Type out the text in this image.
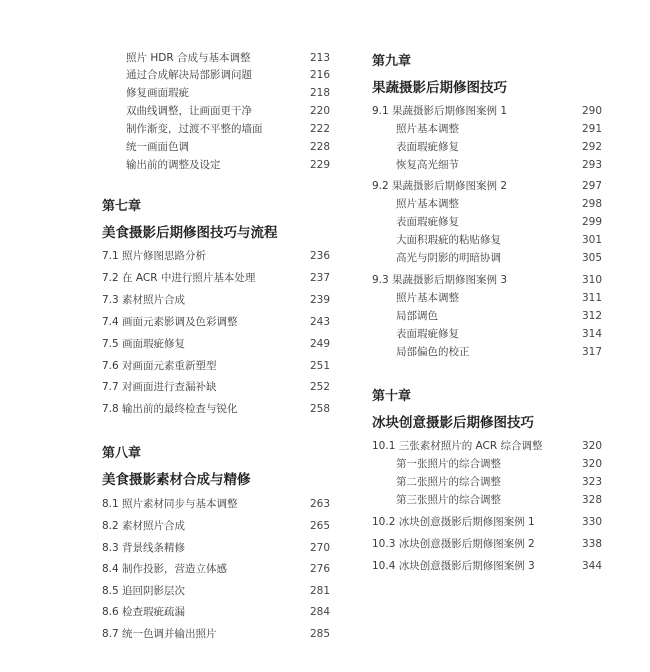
照片 HDR 合成与基本调整	213
通过合成解决局部影调问题	216
修复画面瑕疵	218
双曲线调整，让画面更干净	220
制作渐变，过渡不平整的墙面	222
统一画面色调	228
输出前的调整及设定	229
第七章
美食摄影后期修图技巧与流程
7.1 照片修图思路分析	236
7.2 在 ACR 中进行照片基本处理	237
7.3 素材照片合成	239
7.4 画面元素影调及色彩调整	243
7.5 画面瑕疵修复	249
7.6 对画面元素重新塑型	251
7.7 对画面进行查漏补缺	252
7.8 输出前的最终检查与锐化	258
第八章
美食摄影素材合成与精修
8.1 照片素材同步与基本调整	263
8.2 素材照片合成	265
8.3 背景线条精修	270
8.4 制作投影，营造立体感	276
8.5 追回阴影层次	281
8.6 检查瑕疵疏漏	284
8.7 统一色调并输出照片	285
第九章
果蔬摄影后期修图技巧
9.1 果蔬摄影后期修图案例 1	290
照片基本调整	291
表面瑕疵修复	292
恢复高光细节	293
9.2 果蔬摄影后期修图案例 2	297
照片基本调整	298
表面瑕疵修复	299
大面积瑕疵的粘贴修复	301
高光与阴影的明暗协调	305
9.3 果蔬摄影后期修图案例 3	310
照片基本调整	311
局部调色	312
表面瑕疵修复	314
局部偏色的校正	317
第十章
冰块创意摄影后期修图技巧
10.1 三张素材照片的 ACR 综合调整	320
第一张照片的综合调整	320
第二张照片的综合调整	323
第三张照片的综合调整	328
10.2 冰块创意摄影后期修图案例 1	330
10.3 冰块创意摄影后期修图案例 2	338
10.4 冰块创意摄影后期修图案例 3	344
